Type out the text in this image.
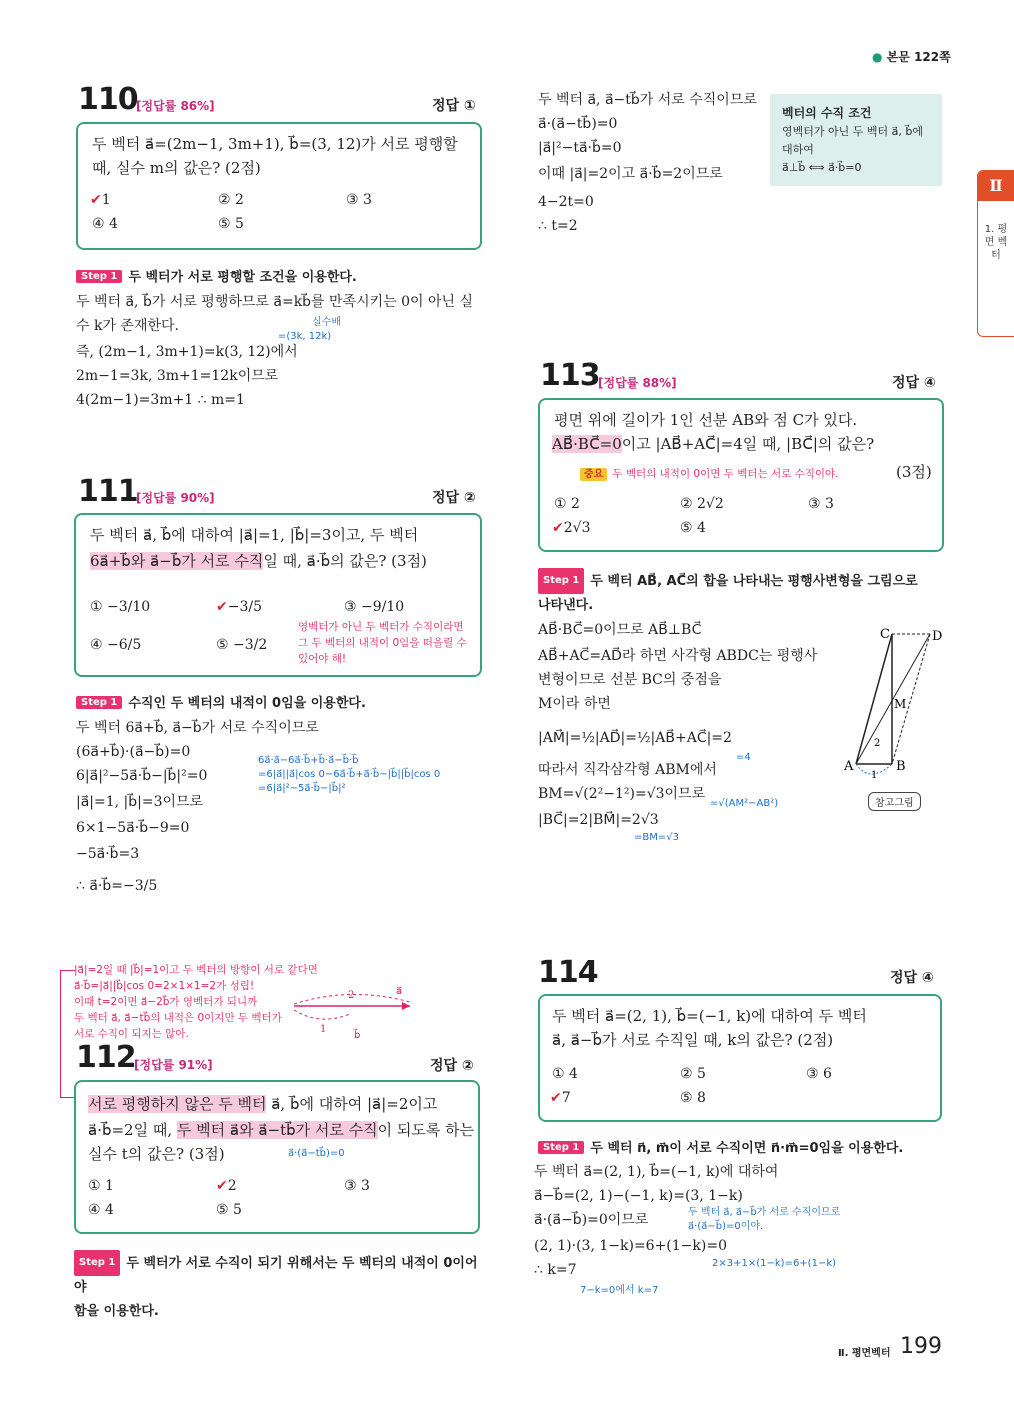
● 본문 122쪽
Ⅱ
1. 평 면 벡 터
110
[정답률 86%]	정답 ①
두 벡터 a⃗=(2m−1, 3m+1), b⃗=(3, 12)가 서로 평행할
때, 실수 m의 값은? (2점)
✔1	② 2	③ 3
④ 4	⑤ 5
Step 1 두 벡터가 서로 평행할 조건을 이용한다.
두 벡터 a⃗, b⃗가 서로 평행하므로 a⃗=kb⃗를 만족시키는 0이 아닌 실
실수배
수 k가 존재한다.
=(3k, 12k)
즉, (2m−1, 3m+1)=k(3, 12)에서
2m−1=3k, 3m+1=12k이므로
4(2m−1)=3m+1 ∴ m=1
111
[정답률 90%]	정답 ②
두 벡터 a⃗, b⃗에 대하여 |a⃗|=1, |b⃗|=3이고, 두 벡터
6a⃗+b⃗와 a⃗−b⃗가 서로 수직일 때, a⃗·b⃗의 값은? (3점)
① −3/10	✔−3/5	③ −9/10
④ −6/5	⑤ −3/2
영벡터가 아닌 두 벡터가 수직이라면
그 두 벡터의 내적이 0임을 떠올릴 수
있어야 해!
Step 1 수직인 두 벡터의 내적이 0임을 이용한다.
두 벡터 6a⃗+b⃗, a⃗−b⃗가 서로 수직이므로
(6a⃗+b⃗)·(a⃗−b⃗)=0
6|a⃗|²−5a⃗·b⃗−|b⃗|²=0
|a⃗|=1, |b⃗|=3이므로
6×1−5a⃗·b⃗−9=0
−5a⃗·b⃗=3
∴ a⃗·b⃗=−3/5
6a⃗·a⃗−6a⃗·b⃗+b⃗·a⃗−b⃗·b⃗
=6|a⃗||a⃗|cos 0−6a⃗·b⃗+a⃗·b⃗−|b⃗||b⃗|cos 0
=6|a⃗|²−5a⃗·b⃗−|b⃗|²
|a⃗|=2일 때 |b⃗|=1이고 두 벡터의 방향이 서로 같다면
a⃗·b⃗=|a⃗||b⃗|cos 0=2×1×1=2가 성립!
이때 t=2이면 a⃗−2b⃗가 영벡터가 되니까
두 벡터 a⃗, a⃗−tb⃗의 내적은 0이지만 두 벡터가
서로 수직이 되지는 않아.
2
1
a⃗
b⃗
112
[정답률 91%]	정답 ②
서로 평행하지 않은 두 벡터 a⃗, b⃗에 대하여 |a⃗|=2이고
a⃗·b⃗=2일 때, 두 벡터 a⃗와 a⃗−tb⃗가 서로 수직이 되도록 하는
실수 t의 값은? (3점)	a⃗·(a⃗−tb⃗)=0
① 1	✔2	③ 3
④ 4	⑤ 5
Step 1 두 벡터가 서로 수직이 되기 위해서는 두 벡터의 내적이 0이어야
함을 이용한다.
두 벡터 a⃗, a⃗−tb⃗가 서로 수직이므로
a⃗·(a⃗−tb⃗)=0
|a⃗|²−ta⃗·b⃗=0
이때 |a⃗|=2이고 a⃗·b⃗=2이므로
4−2t=0
∴ t=2
벡터의 수직 조건
영벡터가 아닌 두 벡터 a⃗, b⃗에
대하여
a⃗⊥b⃗ ⟺ a⃗·b⃗=0
113
[정답률 88%]	정답 ④
평면 위에 길이가 1인 선분 AB와 점 C가 있다.
AB⃗·BC⃗=0이고 |AB⃗+AC⃗|=4일 때, |BC⃗|의 값은?
중요 두 벡터의 내적이 0이면 두 벡터는 서로 수직이야.	(3점)
① 2	② 2√2	③ 3
✔2√3	⑤ 4
Step 1 두 벡터 AB⃗, AC⃗의 합을 나타내는 평행사변형을 그림으로
나타낸다.
AB⃗·BC⃗=0이므로 AB⃗⊥BC⃗
AB⃗+AC⃗=AD⃗라 하면 사각형 ABDC는 평행사
변형이므로 선분 BC의 중점을
M이라 하면
|AM⃗|=½|AD⃗|=½|AB⃗+AC⃗|=2
=4
따라서 직각삼각형 ABM에서
BM=√(2²−1²)=√3이므로
=√(AM²−AB²)
|BC⃗|=2|BM⃗|=2√3
=BM=√3
A	B
C	D
M
1
2
참고그림
114	정답 ④
두 벡터 a⃗=(2, 1), b⃗=(−1, k)에 대하여 두 벡터
a⃗, a⃗−b⃗가 서로 수직일 때, k의 값은? (2점)
① 4	② 5	③ 6
✔7	⑤ 8
Step 1 두 벡터 n⃗, m⃗이 서로 수직이면 n⃗·m⃗=0임을 이용한다.
두 벡터 a⃗=(2, 1), b⃗=(−1, k)에 대하여
a⃗−b⃗=(2, 1)−(−1, k)=(3, 1−k)
a⃗·(a⃗−b⃗)=0이므로	두 벡터 a⃗, a⃗−b⃗가 서로 수직이므로
a⃗·(a⃗−b⃗)=0이야.
(2, 1)·(3, 1−k)=6+(1−k)=0
2×3+1×(1−k)=6+(1−k)
∴ k=7
7−k=0에서 k=7
Ⅱ. 평면벡터 199
